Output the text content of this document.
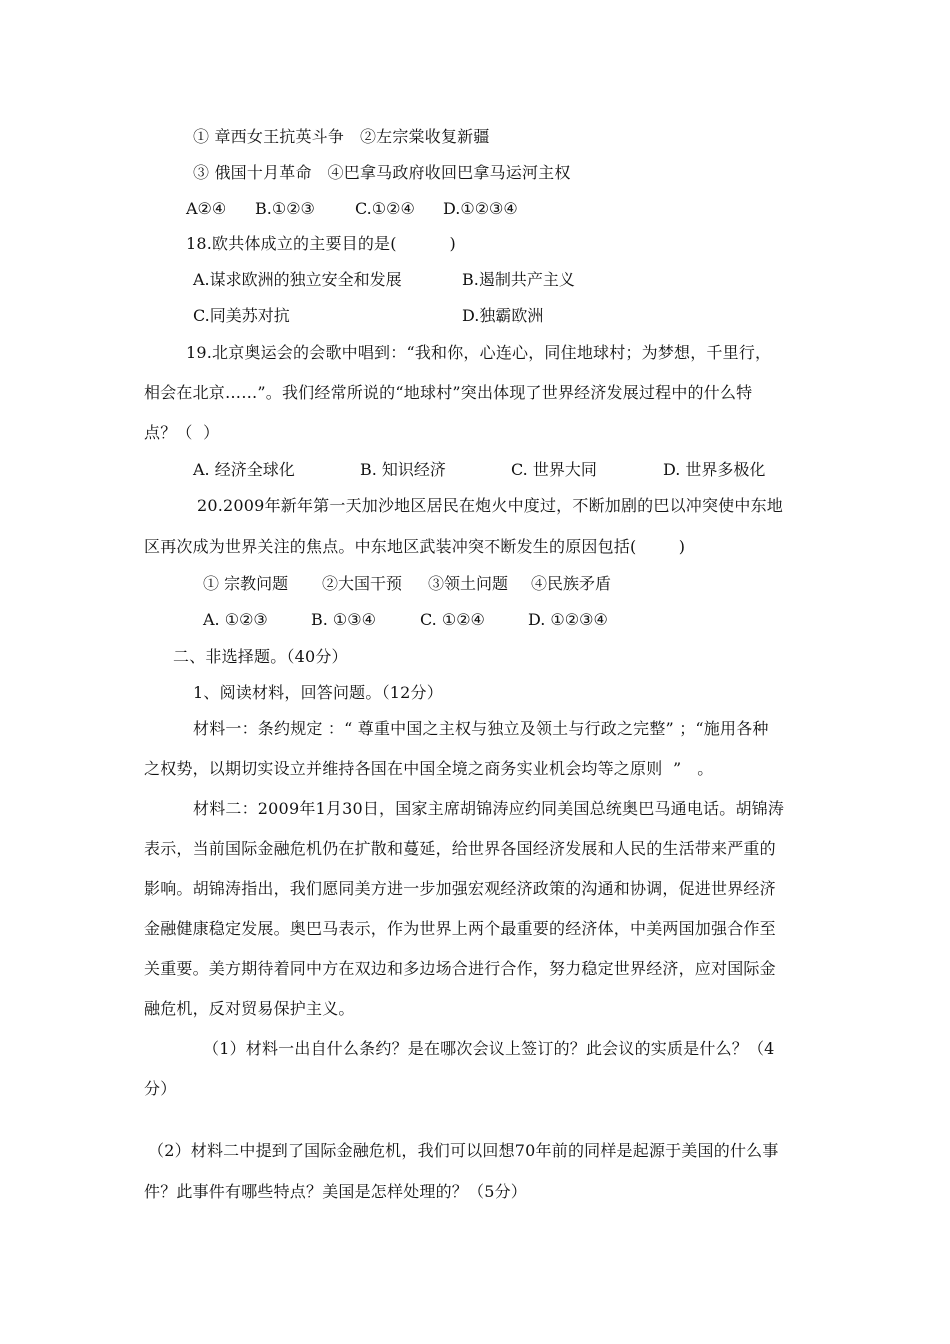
① 章西女王抗英斗争   ②左宗棠收复新疆
③ 俄国十月革命   ④巴拿马政府收回巴拿马运河主权
A②④ B.①②③	C.①②④ D.①②③④
18.欧共体成立的主要目的是(          )
A.谋求欧洲的独立安全和发展	B.遏制共产主义
C.同美苏对抗	D.独霸欧洲
19.北京奥运会的会歌中唱到：“我和你，心连心，同住地球村；为梦想，千里行，
相会在北京……”。我们经常所说的“地球村”突出体现了世界经济发展过程中的什么特
点？（  ）
A. 经济全球化	B. 知识经济	C. 世界大同	D. 世界多极化
20.2009年新年第一天加沙地区居民在炮火中度过，不断加剧的巴以冲突使中东地
区再次成为世界关注的焦点。中东地区武装冲突不断发生的原因包括(        )
① 宗教问题 ②大国干预 ③领土问题 ④民族矛盾
A. ①②③	B. ①③④	C. ①②④	D. ①②③④
二、非选择题。（40分）
1、阅读材料，回答问题。（12分）
材料一：条约规定 ：“ 尊重中国之主权与独立及领土与行政之完整” ；“施用各种
之权势，以期切实设立并维持各国在中国全境之商务实业机会均等之原则  ”   。
材料二：2009年1月30日，国家主席胡锦涛应约同美国总统奥巴马通电话。胡锦涛
表示，当前国际金融危机仍在扩散和蔓延，给世界各国经济发展和人民的生活带来严重的
影响。胡锦涛指出，我们愿同美方进一步加强宏观经济政策的沟通和协调，促进世界经济
金融健康稳定发展。奥巴马表示，作为世界上两个最重要的经济体，中美两国加强合作至
关重要。美方期待着同中方在双边和多边场合进行合作，努力稳定世界经济，应对国际金
融危机，反对贸易保护主义。
（1）材料一出自什么条约？是在哪次会议上签订的？此会议的实质是什么？（4
分）
（2）材料二中提到了国际金融危机，我们可以回想70年前的同样是起源于美国的什么事
件？此事件有哪些特点？美国是怎样处理的？（5分）
